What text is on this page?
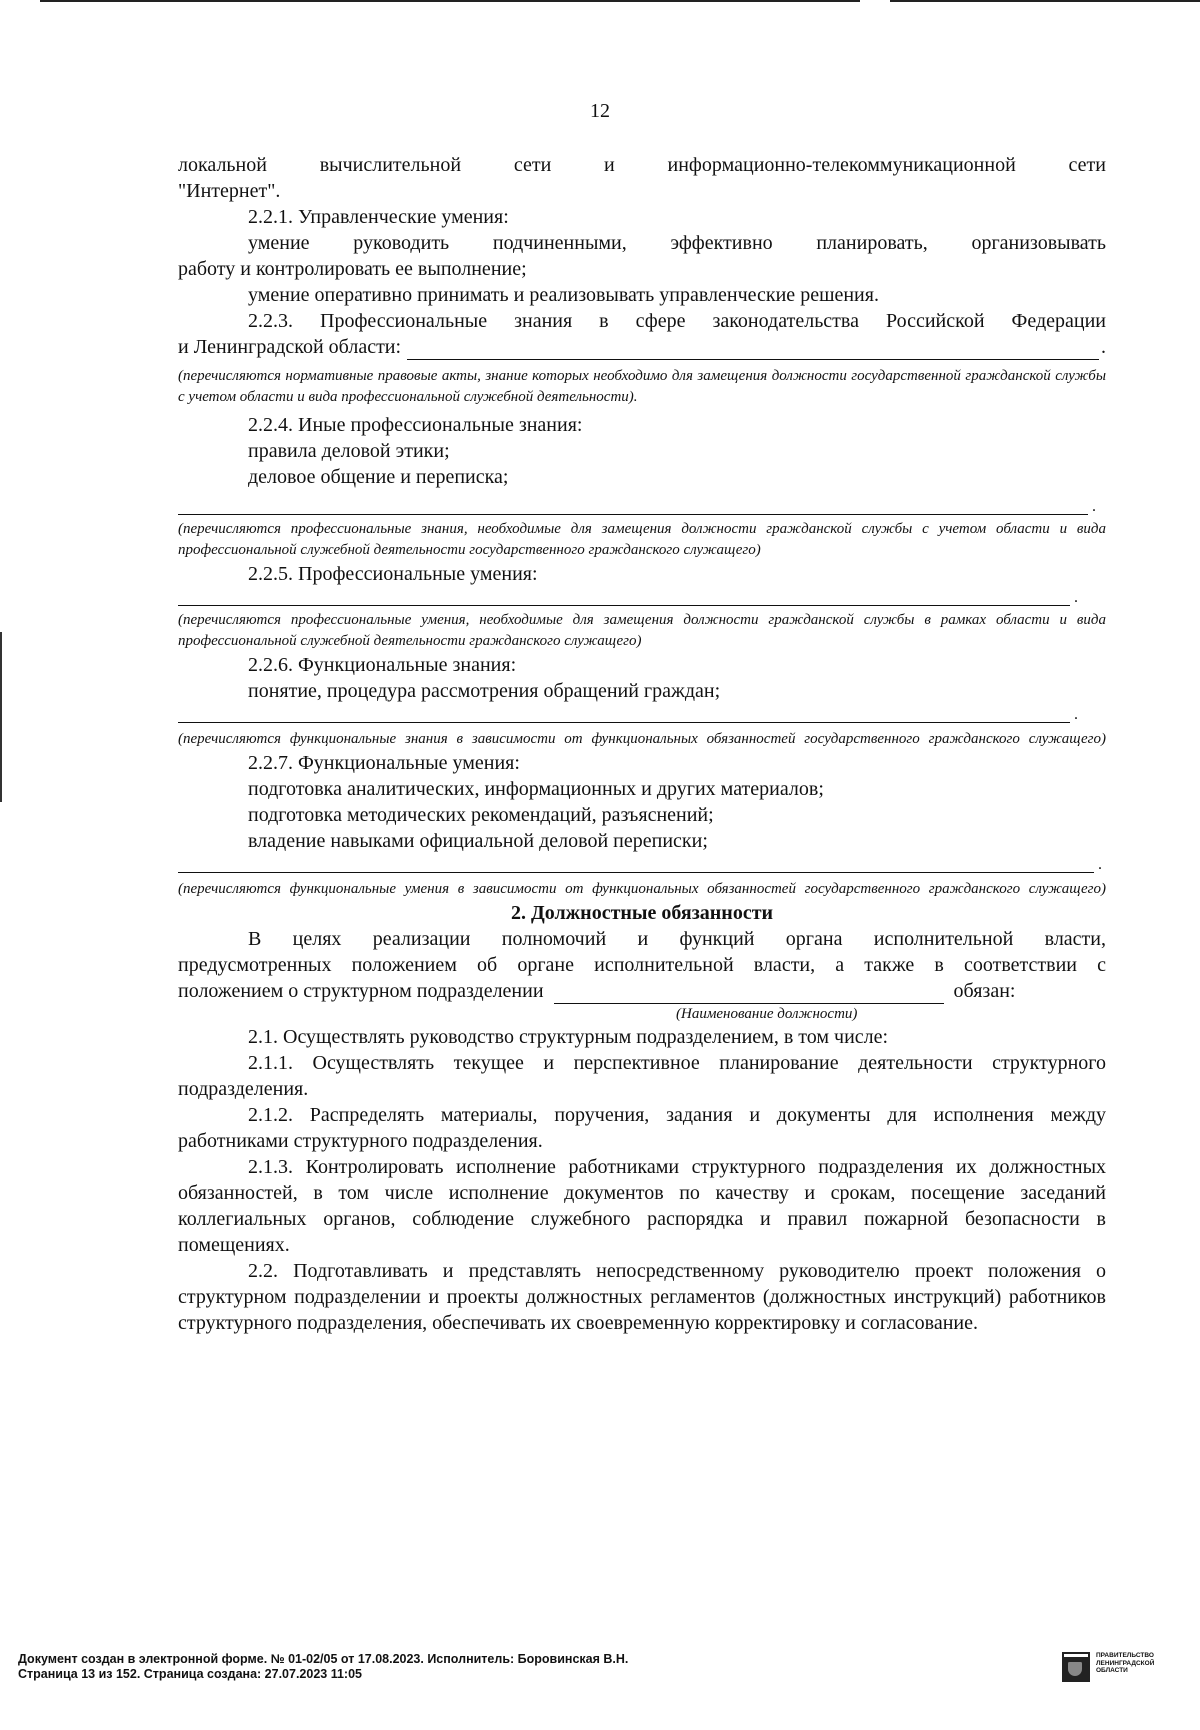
12

локальной вычислительной сети и информационно-телекоммуникационной сети

"Интернет".

2.2.1. Управленческие умения:

умение руководить подчиненными, эффективно планировать, организовывать

работу и контролировать ее выполнение;

умение оперативно принимать и реализовывать управленческие решения.

2.2.3. Профессиональные знания в сфере законодательства Российской Федерации

и Ленинградской области:	.

(перечисляются нормативные правовые акты, знание которых необходимо для замещения должности государственной гражданской службы с учетом области и вида профессиональной служебной деятельности).

2.2.4. Иные профессиональные знания:

правила деловой этики;

деловое общение и переписка;

.

(перечисляются профессиональные знания, необходимые для замещения должности гражданской службы с учетом области и вида профессиональной служебной деятельности государственного гражданского служащего)

2.2.5. Профессиональные умения:

.

(перечисляются профессиональные умения, необходимые для замещения должности гражданской службы в рамках области и вида профессиональной служебной деятельности гражданского служащего)

2.2.6. Функциональные знания:

понятие, процедура рассмотрения обращений граждан;

.

(перечисляются функциональные знания в зависимости от функциональных обязанностей государственного гражданского служащего)

2.2.7. Функциональные умения:

подготовка аналитических, информационных и других материалов;

подготовка методических рекомендаций, разъяснений;

владение навыками официальной деловой переписки;

.

(перечисляются функциональные умения в зависимости от функциональных обязанностей государственного гражданского служащего)

2. Должностные обязанности

В целях реализации полномочий и функций органа исполнительной власти,

предусмотренных положением об органе исполнительной власти, а также в соответствии с

положением о структурном подразделении	обязан:

(Наименование должности)

2.1. Осуществлять руководство структурным подразделением, в том числе:

2.1.1. Осуществлять текущее и перспективное планирование деятельности структурного подразделения.

2.1.2. Распределять материалы, поручения, задания и документы для исполнения между работниками структурного подразделения.

2.1.3. Контролировать исполнение работниками структурного подразделения их должностных обязанностей, в том числе исполнение документов по качеству и срокам, посещение заседаний коллегиальных органов, соблюдение служебного распорядка и правил пожарной безопасности в помещениях.

2.2. Подготавливать и представлять непосредственному руководителю проект положения о структурном подразделении и проекты должностных регламентов (должностных инструкций) работников структурного подразделения, обеспечивать их своевременную корректировку и согласование.

Документ создан в электронной форме. № 01-02/05 от 17.08.2023. Исполнитель: Боровинская В.Н.
Страница 13 из 152. Страница создана: 27.07.2023 11:05
ПРАВИТЕЛЬСТВО ЛЕНИНГРАДСКОЙ ОБЛАСТИ
